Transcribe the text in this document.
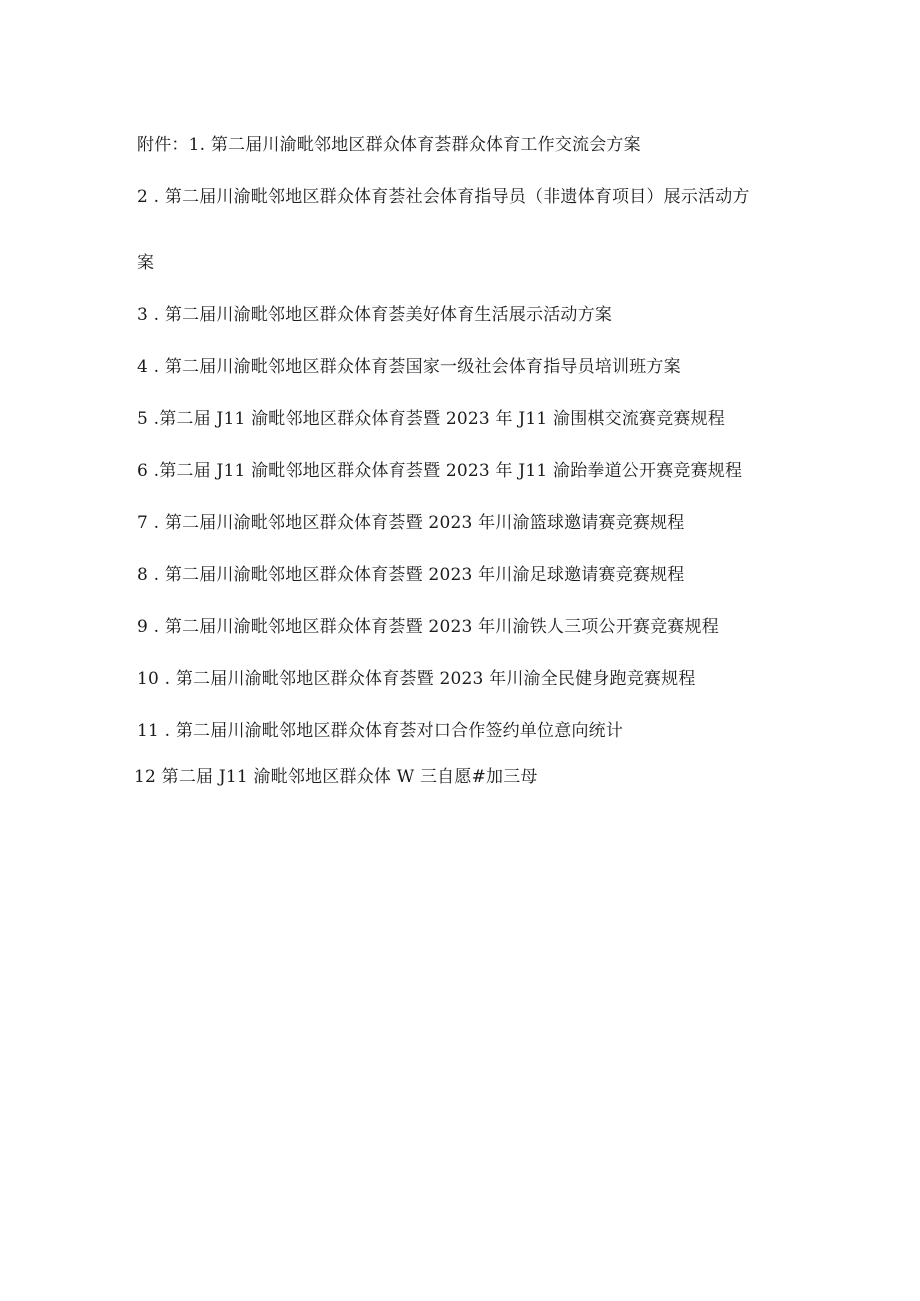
附件：1. 第二届川渝毗邻地区群众体育荟群众体育工作交流会方案

2 . 第二届川渝毗邻地区群众体育荟社会体育指导员（非遗体育项目）展示活动方

案

3 . 第二届川渝毗邻地区群众体育荟美好体育生活展示活动方案

4 . 第二届川渝毗邻地区群众体育荟国家一级社会体育指导员培训班方案

5 .第二届 J11 渝毗邻地区群众体育荟暨 2023 年 J11 渝围棋交流赛竞赛规程

6 .第二届 J11 渝毗邻地区群众体育荟暨 2023 年 J11 渝跆拳道公开赛竞赛规程

7 . 第二届川渝毗邻地区群众体育荟暨 2023 年川渝篮球邀请赛竞赛规程

8 . 第二届川渝毗邻地区群众体育荟暨 2023 年川渝足球邀请赛竞赛规程

9 . 第二届川渝毗邻地区群众体育荟暨 2023 年川渝铁人三项公开赛竞赛规程

10 . 第二届川渝毗邻地区群众体育荟暨 2023 年川渝全民健身跑竞赛规程

11 . 第二届川渝毗邻地区群众体育荟对口合作签约单位意向统计

12 第二届 J11 渝毗邻地区群众体 W 三自愿#加三母
